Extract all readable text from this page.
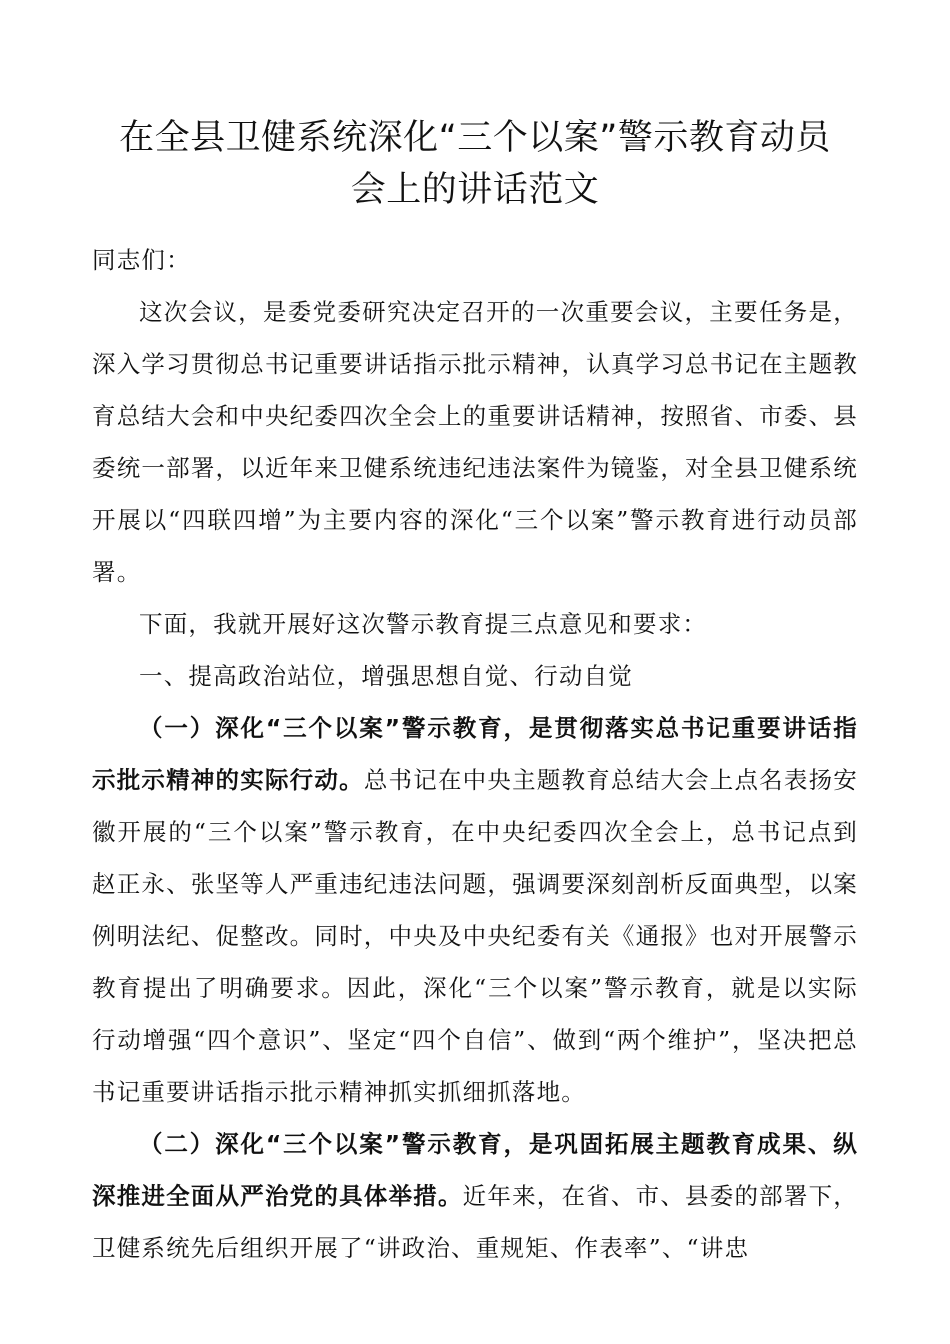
在全县卫健系统深化“三个以案”警示教育动员
会上的讲话范文

同志们：

这次会议，是委党委研究决定召开的一次重要会议，主要任务是，深入学习贯彻总书记重要讲话指示批示精神，认真学习总书记在主题教育总结大会和中央纪委四次全会上的重要讲话精神，按照省、市委、县委统一部署，以近年来卫健系统违纪违法案件为镜鉴，对全县卫健系统开展以“四联四增”为主要内容的深化“三个以案”警示教育进行动员部署。

下面，我就开展好这次警示教育提三点意见和要求：

一、提高政治站位，增强思想自觉、行动自觉

（一）深化“三个以案”警示教育，是贯彻落实总书记重要讲话指示批示精神的实际行动。总书记在中央主题教育总结大会上点名表扬安徽开展的“三个以案”警示教育，在中央纪委四次全会上，总书记点到赵正永、张坚等人严重违纪违法问题，强调要深刻剖析反面典型，以案例明法纪、促整改。同时，中央及中央纪委有关《通报》也对开展警示教育提出了明确要求。因此，深化“三个以案”警示教育，就是以实际行动增强“四个意识”、坚定“四个自信”、做到“两个维护”，坚决把总书记重要讲话指示批示精神抓实抓细抓落地。

（二）深化“三个以案”警示教育，是巩固拓展主题教育成果、纵深推进全面从严治党的具体举措。近年来，在省、市、县委的部署下，卫健系统先后组织开展了“讲政治、重规矩、作表率”、“讲忠
